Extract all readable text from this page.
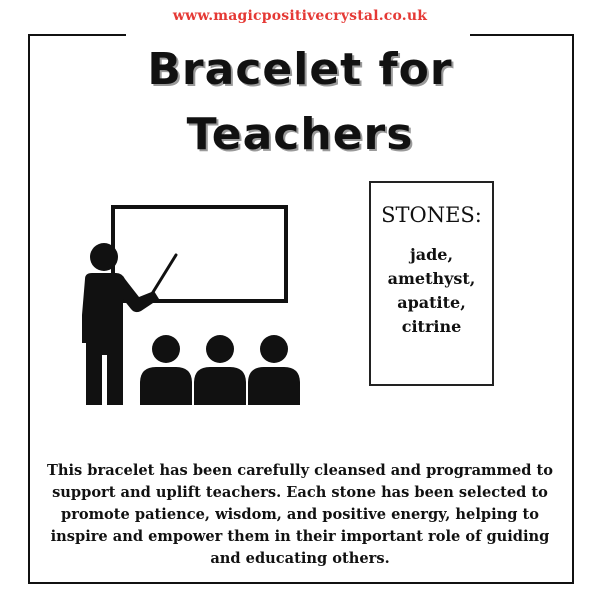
www.magicpositivecrystal.co.uk
Bracelet for
Teachers
STONES:
jade,
amethyst,
apatite,
citrine
This bracelet has been carefully cleansed and programmed to support and uplift teachers. Each stone has been selected to promote patience, wisdom, and positive energy, helping to inspire and empower them in their important role of guiding and educating others.
